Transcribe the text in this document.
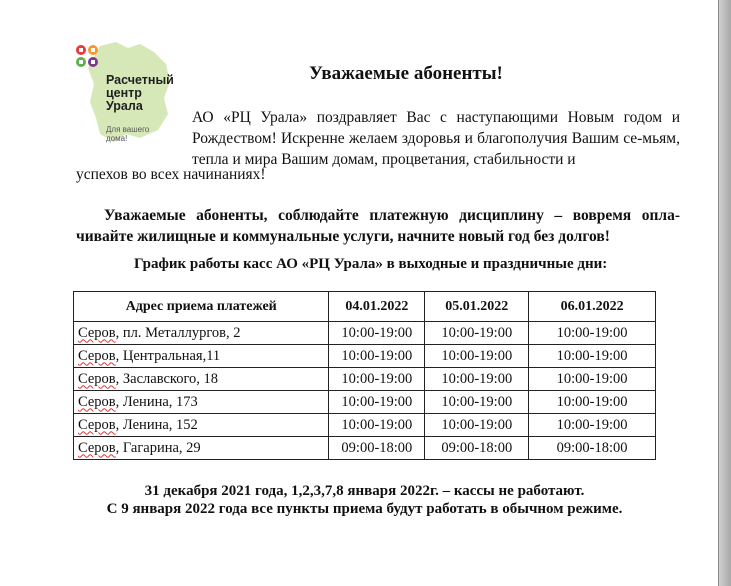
Расчетный
центр
Урала
Для вашего
дома!
Уважаемые абоненты!
АО «РЦ Урала» поздравляет Вас с наступающими Новым годом и Рождеством! Искренне желаем здоровья и благополучия Вашим се-мьям, тепла и мира Вашим домам, процветания, стабильности и
успехов во всех начинаниях!
Уважаемые абоненты, соблюдайте платежную дисциплину – вовремя опла-чивайте жилищные и коммунальные услуги, начните новый год без долгов!
График работы касс АО «РЦ Урала» в выходные и праздничные дни:
Адрес приема платежей	04.01.2022	05.01.2022	06.01.2022
Серов, пл. Металлургов, 2	10:00-19:00	10:00-19:00	10:00-19:00
Серов, Центральная,11	10:00-19:00	10:00-19:00	10:00-19:00
Серов, Заславского, 18	10:00-19:00	10:00-19:00	10:00-19:00
Серов, Ленина, 173	10:00-19:00	10:00-19:00	10:00-19:00
Серов, Ленина, 152	10:00-19:00	10:00-19:00	10:00-19:00
Серов, Гагарина, 29	09:00-18:00	09:00-18:00	09:00-18:00
31 декабря 2021 года, 1,2,3,7,8 января 2022г. – кассы не работают.
С 9 января 2022 года все пункты приема будут работать в обычном режиме.
